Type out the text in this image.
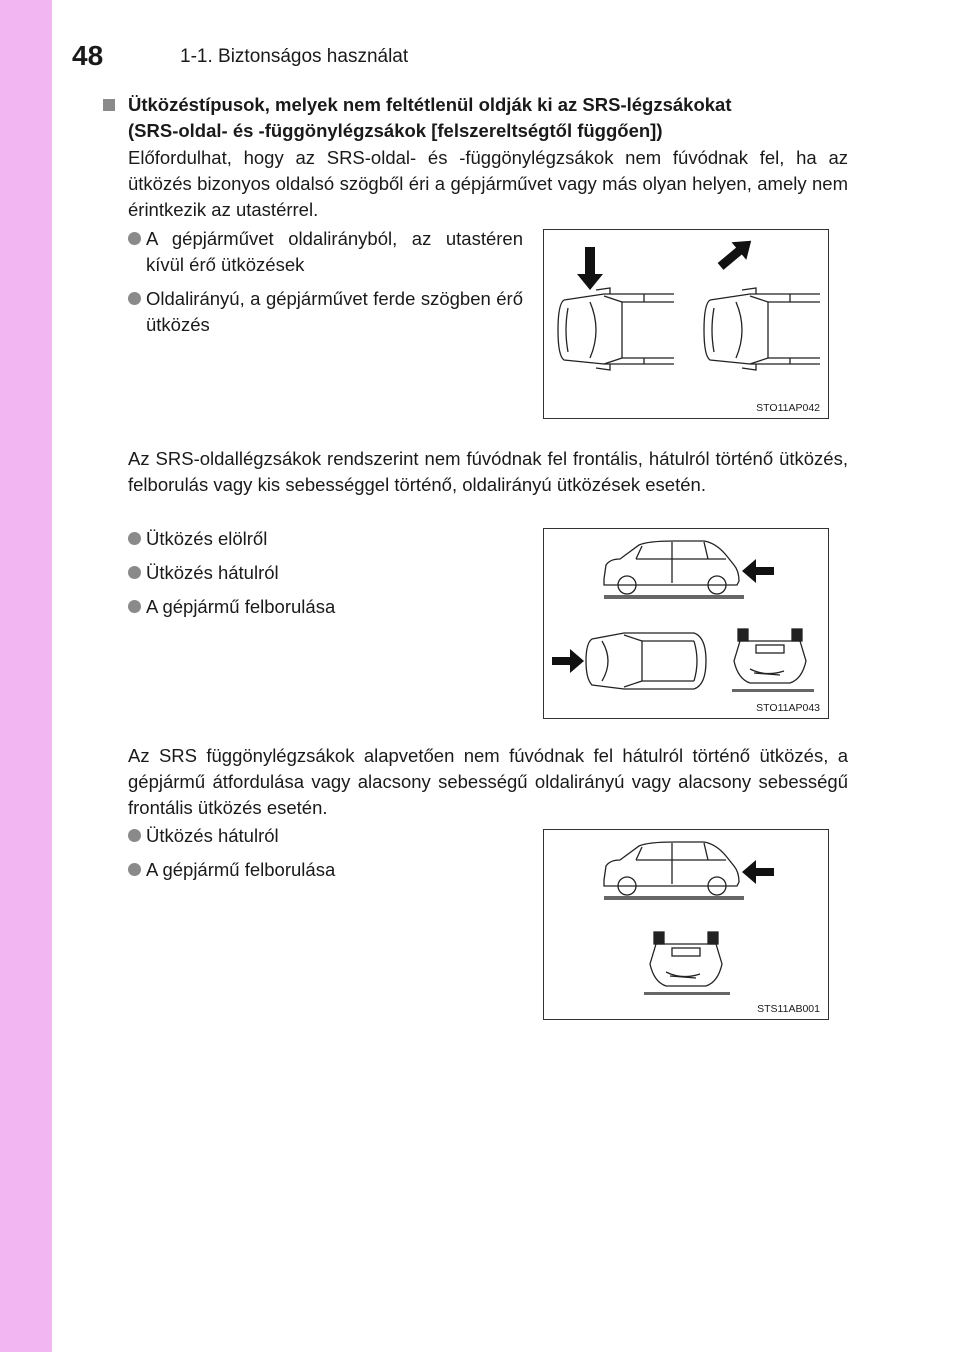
48	1-1. Biztonságos használat
Ütközéstípusok, melyek nem feltétlenül oldják ki az SRS-légzsákokat
(SRS-oldal- és -függönylégzsákok [felszereltségtől függően])
Előfordulhat, hogy az SRS-oldal- és -függönylégzsákok nem fúvódnak fel, ha az ütközés bizonyos oldalsó szögből éri a gépjárművet vagy más olyan helyen, amely nem érintkezik az utastérrel.
A gépjárművet oldalirányból, az utastéren kívül érő ütközések
Oldalirányú, a gépjárművet ferde szögben érő ütközés
STO11AP042
Az SRS-oldallégzsákok rendszerint nem fúvódnak fel frontális, hátulról történő ütközés, felborulás vagy kis sebességgel történő, oldalirányú ütközések esetén.
Ütközés elölről
Ütközés hátulról
A gépjármű felborulása
STO11AP043
Az SRS függönylégzsákok alapvetően nem fúvódnak fel hátulról történő ütközés, a gépjármű átfordulása vagy alacsony sebességű oldalirányú vagy alacsony sebességű frontális ütközés esetén.
Ütközés hátulról
A gépjármű felborulása
STS11AB001
